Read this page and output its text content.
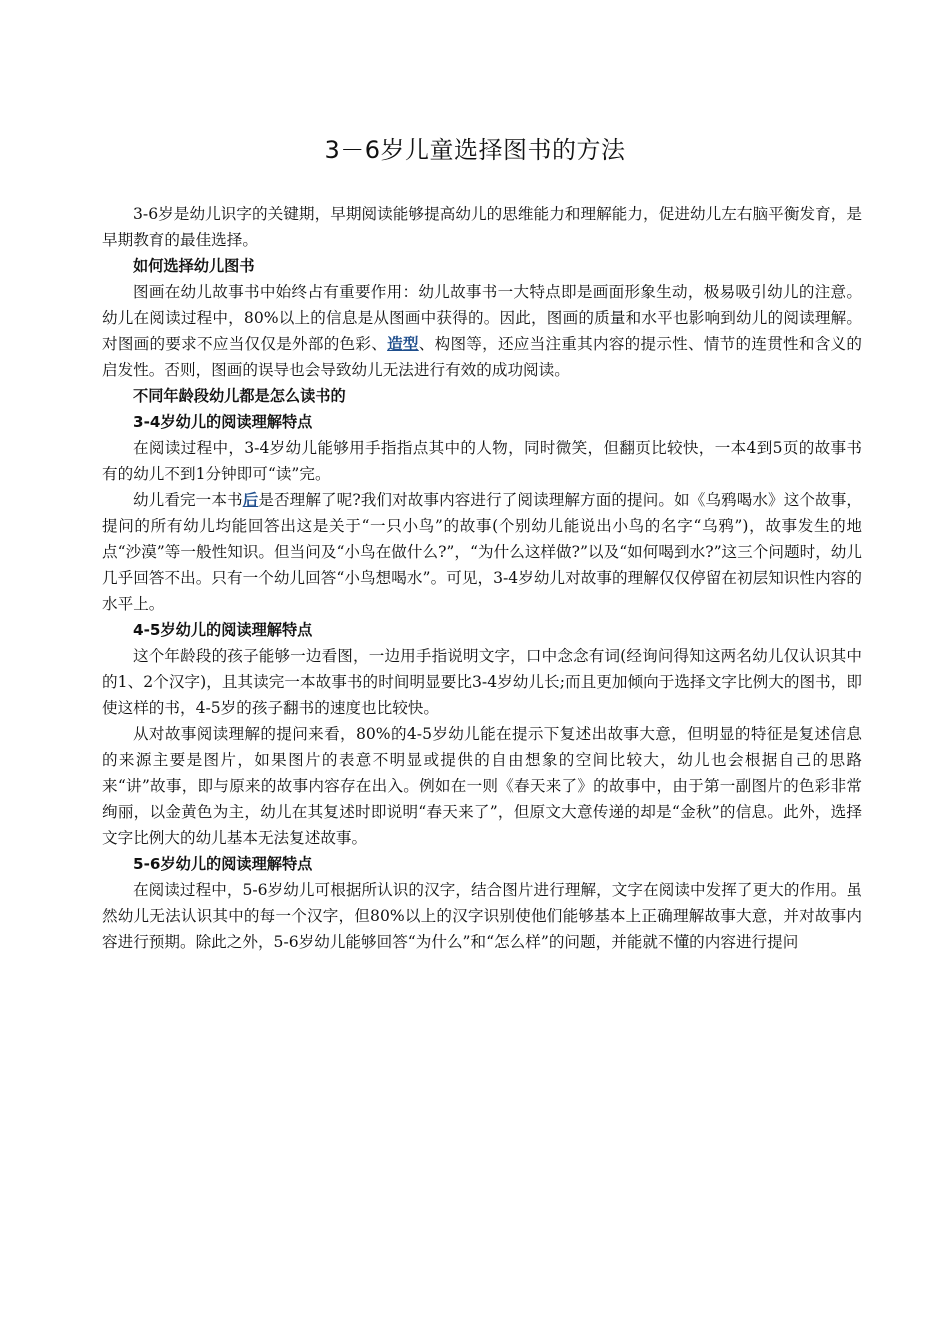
3－6岁儿童选择图书的方法

3-6岁是幼儿识字的关键期，早期阅读能够提高幼儿的思维能力和理解能力，促进幼儿左右脑平衡发育，是早期教育的最佳选择。

如何选择幼儿图书

图画在幼儿故事书中始终占有重要作用：幼儿故事书一大特点即是画面形象生动，极易吸引幼儿的注意。幼儿在阅读过程中，80%以上的信息是从图画中获得的。因此，图画的质量和水平也影响到幼儿的阅读理解。对图画的要求不应当仅仅是外部的色彩、造型、构图等，还应当注重其内容的提示性、情节的连贯性和含义的启发性。否则，图画的误导也会导致幼儿无法进行有效的成功阅读。

不同年龄段幼儿都是怎么读书的

3-4岁幼儿的阅读理解特点

在阅读过程中，3-4岁幼儿能够用手指指点其中的人物，同时微笑，但翻页比较快，一本4到5页的故事书有的幼儿不到1分钟即可“读”完。

幼儿看完一本书后是否理解了呢?我们对故事内容进行了阅读理解方面的提问。如《乌鸦喝水》这个故事，提问的所有幼儿均能回答出这是关于“一只小鸟”的故事(个别幼儿能说出小鸟的名字“乌鸦”)，故事发生的地点“沙漠”等一般性知识。但当问及“小鸟在做什么?”，“为什么这样做?”以及“如何喝到水?”这三个问题时，幼儿几乎回答不出。只有一个幼儿回答“小鸟想喝水”。可见，3-4岁幼儿对故事的理解仅仅停留在初层知识性内容的水平上。

4-5岁幼儿的阅读理解特点

这个年龄段的孩子能够一边看图，一边用手指说明文字，口中念念有词(经询问得知这两名幼儿仅认识其中的1、2个汉字)，且其读完一本故事书的时间明显要比3-4岁幼儿长;而且更加倾向于选择文字比例大的图书，即使这样的书，4-5岁的孩子翻书的速度也比较快。

从对故事阅读理解的提问来看，80%的4-5岁幼儿能在提示下复述出故事大意，但明显的特征是复述信息的来源主要是图片，如果图片的表意不明显或提供的自由想象的空间比较大，幼儿也会根据自己的思路来“讲”故事，即与原来的故事内容存在出入。例如在一则《春天来了》的故事中，由于第一副图片的色彩非常绚丽，以金黄色为主，幼儿在其复述时即说明“春天来了”，但原文大意传递的却是“金秋”的信息。此外，选择文字比例大的幼儿基本无法复述故事。

5-6岁幼儿的阅读理解特点

在阅读过程中，5-6岁幼儿可根据所认识的汉字，结合图片进行理解，文字在阅读中发挥了更大的作用。虽然幼儿无法认识其中的每一个汉字，但80%以上的汉字识别使他们能够基本上正确理解故事大意，并对故事内容进行预期。除此之外，5-6岁幼儿能够回答“为什么”和“怎么样”的问题，并能就不懂的内容进行提问
